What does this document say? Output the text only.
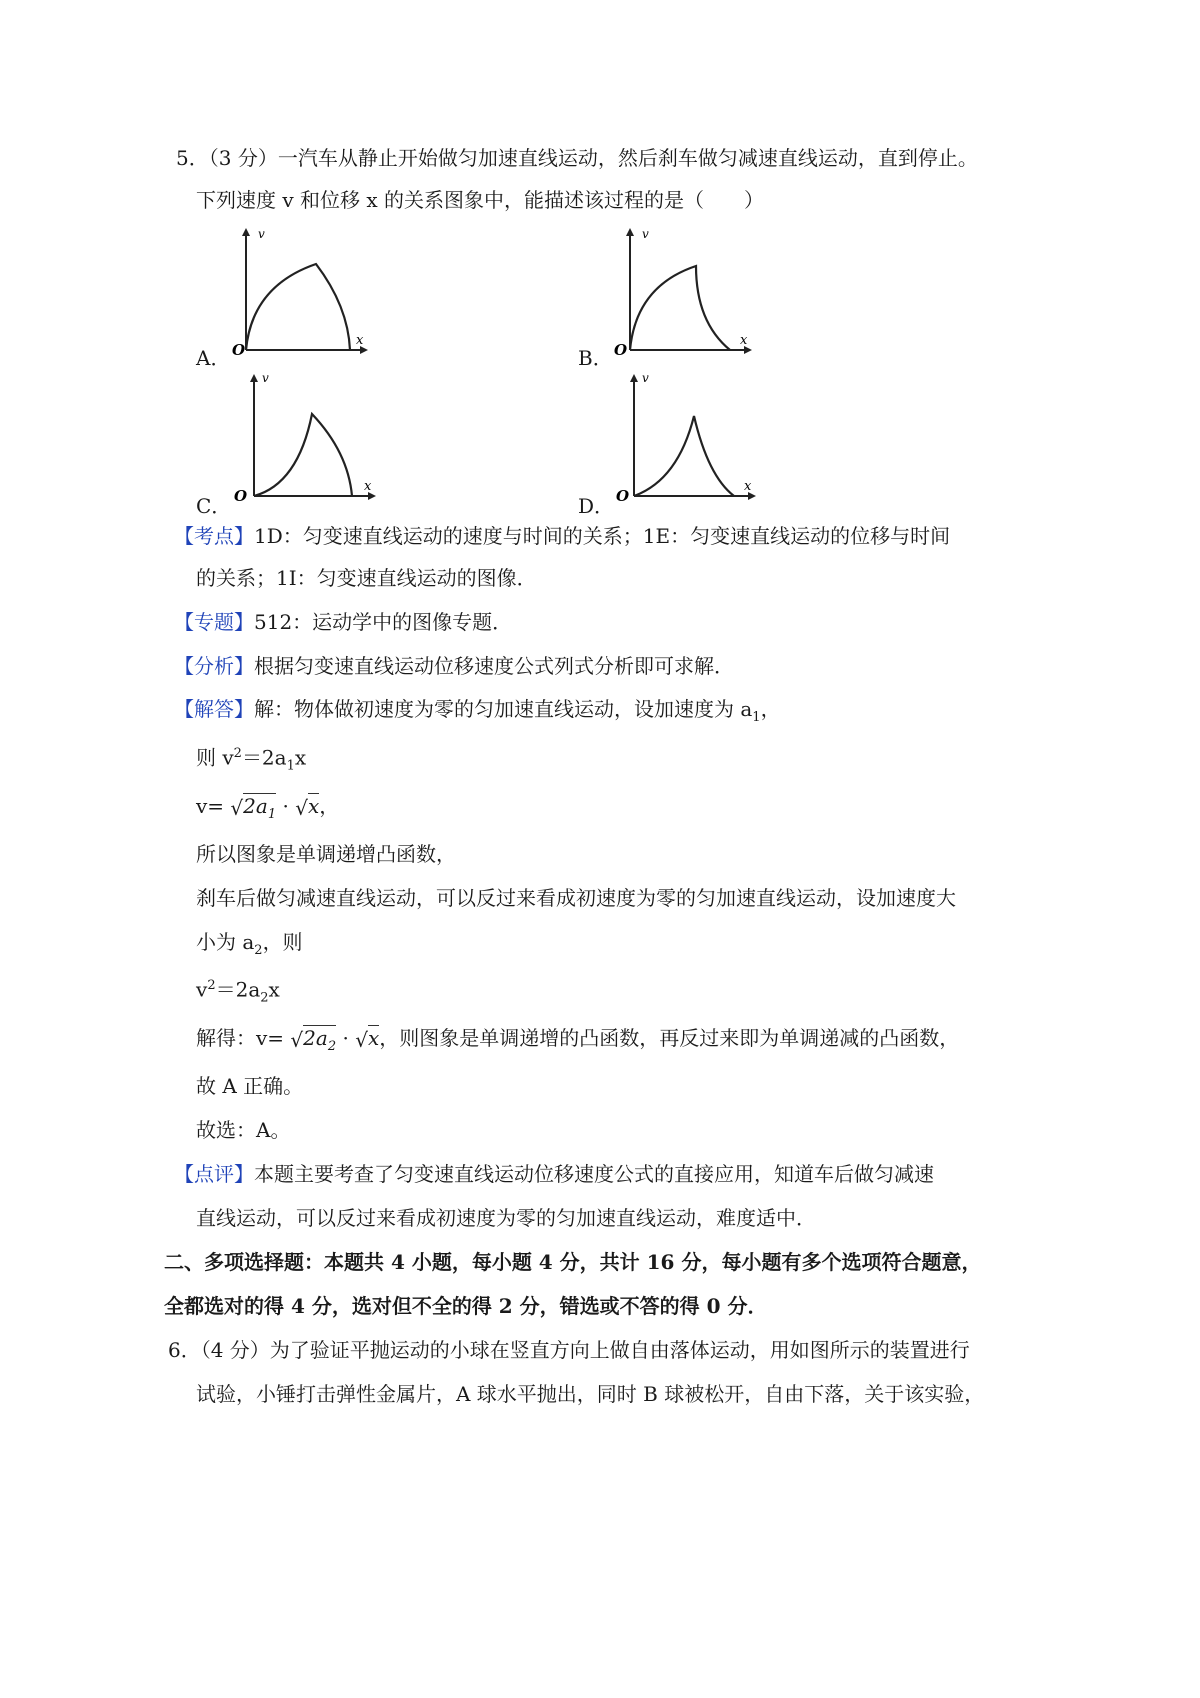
5．（3 分）一汽车从静止开始做匀加速直线运动，然后刹车做匀减速直线运动，直到停止。
下列速度 v 和位移 x 的关系图象中，能描述该过程的是（　　）
A．
v
O
x
B．
v
O
x
C．
v
O
x
D．
v
O
x
【考点】1D：匀变速直线运动的速度与时间的关系；1E：匀变速直线运动的位移与时间
的关系；1I：匀变速直线运动的图像．
【专题】512：运动学中的图像专题．
【分析】根据匀变速直线运动位移速度公式列式分析即可求解．
【解答】解：物体做初速度为零的匀加速直线运动，设加速度为 $a_1$，
则 $v^2=2a_1x$
$v= √2a_1 \cdot √x$，
所以图象是单调递增凸函数，
刹车后做匀减速直线运动，可以反过来看成初速度为零的匀加速直线运动，设加速度大
小为 $a_2$，则
$v^2=2a_2x$
解得：$v= √2a_2 \cdot √x$，则图象是单调递增的凸函数，再反过来即为单调递减的凸函数，
故 A 正确。
故选：A。
【点评】本题主要考查了匀变速直线运动位移速度公式的直接应用，知道车后做匀减速
直线运动，可以反过来看成初速度为零的匀加速直线运动，难度适中．
二、多项选择题：本题共 4 小题，每小题 4 分，共计 16 分，每小题有多个选项符合题意，
全都选对的得 4 分，选对但不全的得 2 分，错选或不答的得 0 分．
6．（4 分）为了验证平抛运动的小球在竖直方向上做自由落体运动，用如图所示的装置进行
试验，小锤打击弹性金属片，A 球水平抛出，同时 B 球被松开，自由下落，关于该实验，
